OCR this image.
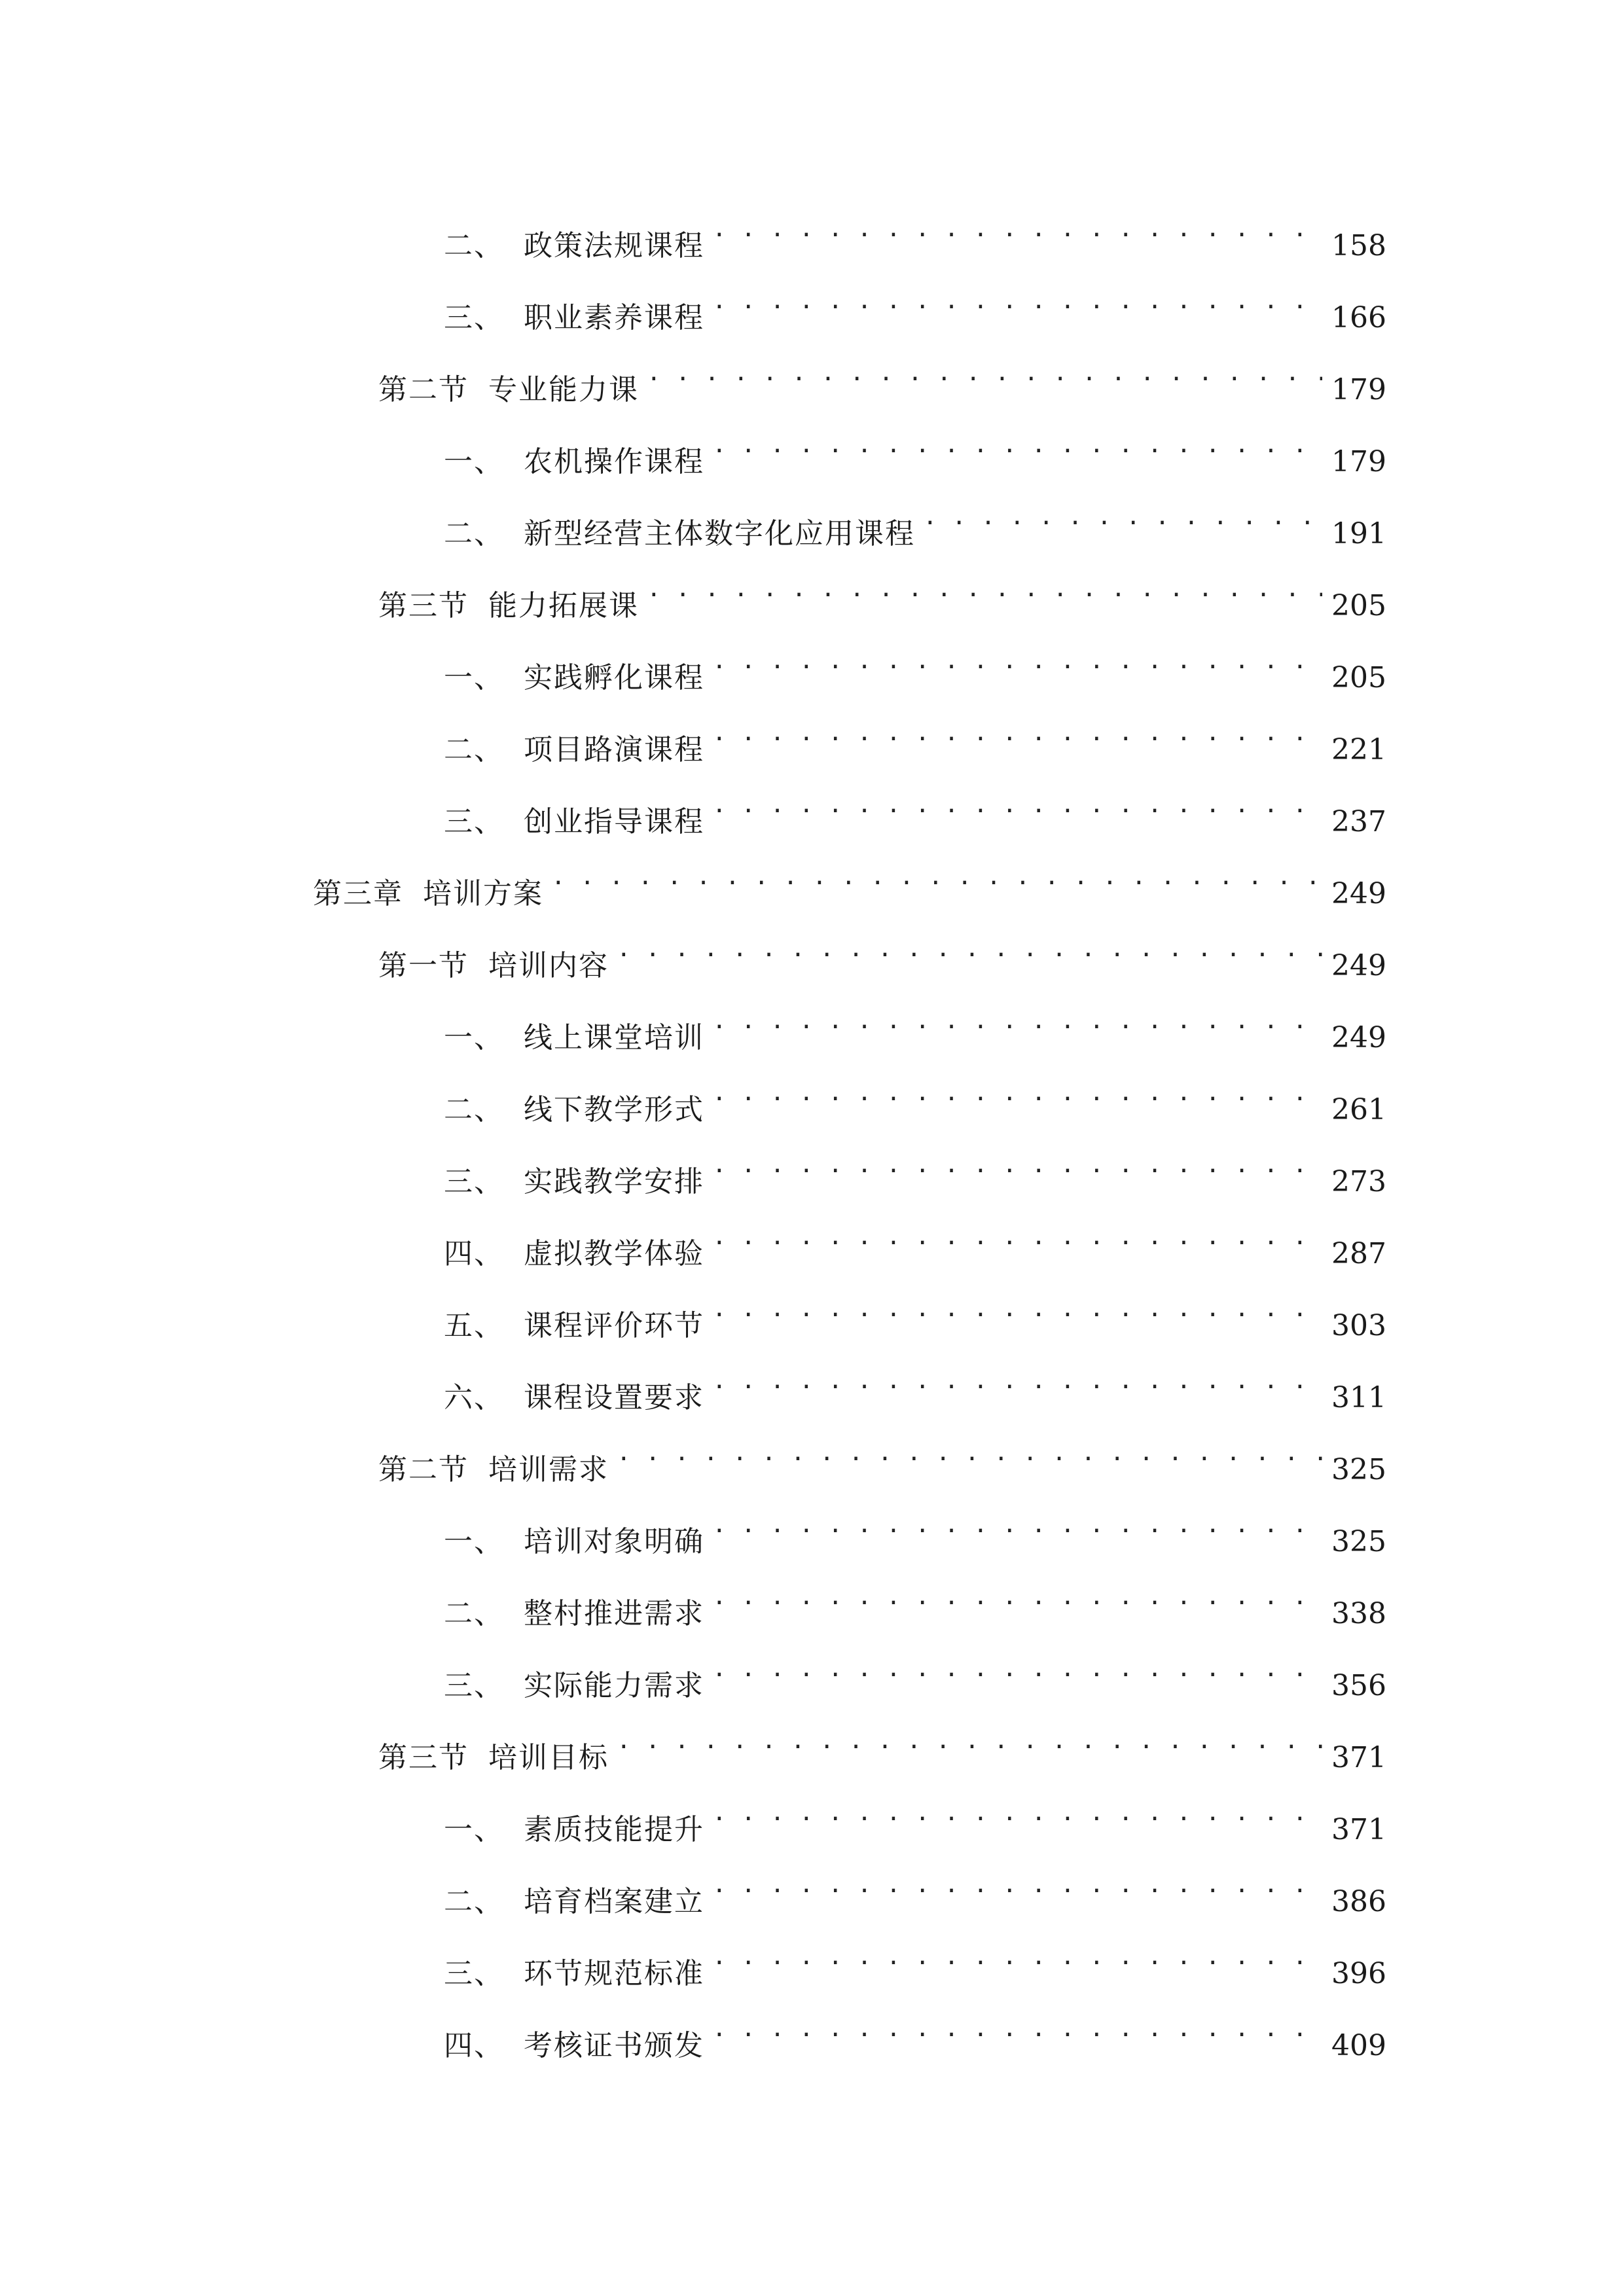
二、 政策法规课程 . . .	158
三、 职业素养课程 . . .	166
第二节 专业能力课 . . .	179
一、 农机操作课程 . . .	179
二、 新型经营主体数字化应用课程 . . .	191
第三节 能力拓展课 . . .	205
一、 实践孵化课程 . . .	205
二、 项目路演课程 . . .	221
三、 创业指导课程 . . .	237
第三章 培训方案 . . .	249
第一节 培训内容 . . .	249
一、 线上课堂培训 . . .	249
二、 线下教学形式 . . .	261
三、 实践教学安排 . . .	273
四、 虚拟教学体验 . . .	287
五、 课程评价环节 . . .	303
六、 课程设置要求 . . .	311
第二节 培训需求 . . .	325
一、 培训对象明确 . . .	325
二、 整村推进需求 . . .	338
三、 实际能力需求 . . .	356
第三节 培训目标 . . .	371
一、 素质技能提升 . . .	371
二、 培育档案建立 . . .	386
三、 环节规范标准 . . .	396
四、 考核证书颁发 . . .	409
